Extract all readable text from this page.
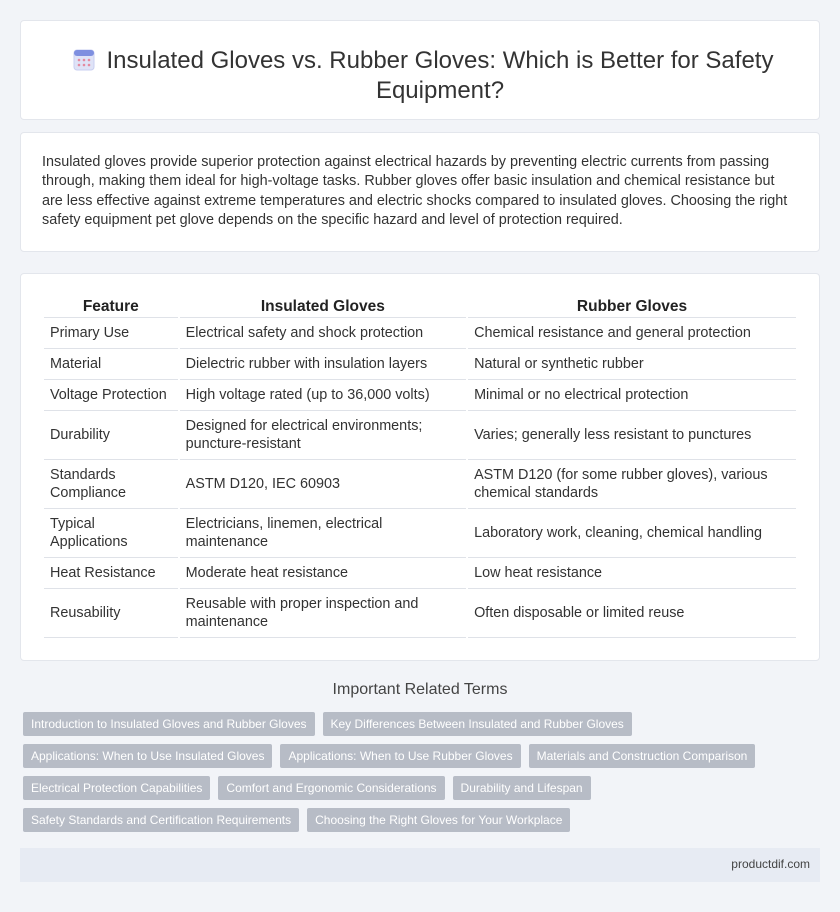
Insulated Gloves vs. Rubber Gloves: Which is Better for Safety Equipment?

Insulated gloves provide superior protection against electrical hazards by preventing electric currents from passing through, making them ideal for high-voltage tasks. Rubber gloves offer basic insulation and chemical resistance but are less effective against extreme temperatures and electric shocks compared to insulated gloves. Choosing the right safety equipment pet glove depends on the specific hazard and level of protection required.

Feature	Insulated Gloves	Rubber Gloves
Primary Use	Electrical safety and shock protection	Chemical resistance and general protection
Material	Dielectric rubber with insulation layers	Natural or synthetic rubber
Voltage Protection	High voltage rated (up to 36,000 volts)	Minimal or no electrical protection
Durability	Designed for electrical environments; puncture-resistant	Varies; generally less resistant to punctures
Standards Compliance	ASTM D120, IEC 60903	ASTM D120 (for some rubber gloves), various chemical standards
Typical Applications	Electricians, linemen, electrical maintenance	Laboratory work, cleaning, chemical handling
Heat Resistance	Moderate heat resistance	Low heat resistance
Reusability	Reusable with proper inspection and maintenance	Often disposable or limited reuse
Important Related Terms
Introduction to Insulated Gloves and Rubber Gloves	Key Differences Between Insulated and Rubber Gloves
Applications: When to Use Insulated Gloves	Applications: When to Use Rubber Gloves	Materials and Construction Comparison
Electrical Protection Capabilities	Comfort and Ergonomic Considerations	Durability and Lifespan
Safety Standards and Certification Requirements	Choosing the Right Gloves for Your Workplace
productdif.com
